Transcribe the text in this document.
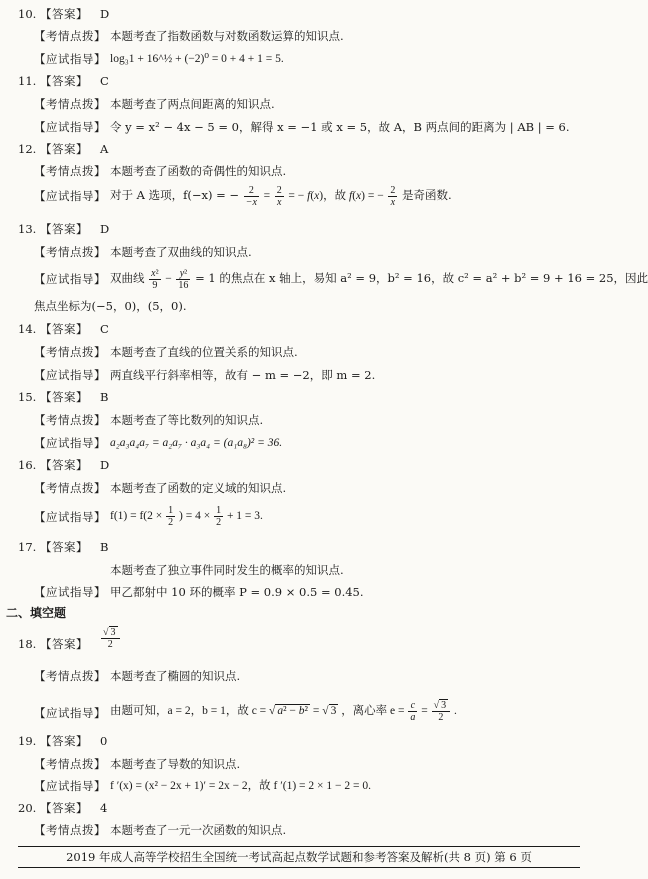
10. 【答案】 D
【考情点拨】 本题考查了指数函数与对数函数运算的知识点.
【应试指导】 log₃1 + 16^½ + (−2)⁰ = 0 + 4 + 1 = 5.
11. 【答案】 C
【考情点拨】 本题考查了两点间距离的知识点.
【应试指导】 令 y = x² − 4x − 5 = 0，解得 x = −1 或 x = 5，故 A，B 两点间的距离为 | AB | = 6.
12. 【答案】 A
【考情点拨】 本题考查了函数的奇偶性的知识点.
【应试指导】 对于 A 选项，f(−x) = − $\frac{2}{-x} = \frac{2}{x}$ = − f(x)，故 f(x) = − $\frac{2}{x}$ 是奇函数.
13. 【答案】 D
【考情点拨】 本题考查了双曲线的知识点.
【应试指导】 双曲线 $\frac{\text{x²}}{9} - \frac{\text{y²}}{16} = 1$ 的焦点在 x 轴上，易知 a² = 9，b² = 16，故 c² = a² + b² = 9 + 16 = 25，因此
焦点坐标为(−5，0)，(5，0).
14. 【答案】 C
【考情点拨】 本题考查了直线的位置关系的知识点.
【应试指导】 两直线平行斜率相等，故有 − m = −2，即 m = 2.
15. 【答案】 B
【考情点拨】 本题考查了等比数列的知识点.
【应试指导】 a₂a₃a₄a₇ = a₂a₇ · a₃a₄ = (a₁a₈)² = 36.
16. 【答案】 D
【考情点拨】 本题考查了函数的定义域的知识点.
【应试指导】 $f(1) = f(2 \times \frac{1}{2}$ ) = $4 \times \frac{1}{2} + 1 = 3$.
17. 【答案】 B
本题考查了独立事件同时发生的概率的知识点.
【应试指导】 甲乙都射中 10 环的概率 P = 0.9 × 0.5 = 0.45.
二、填空题
18. 【答案】 $\frac{√ 3}{2}$
【考情点拨】 本题考查了椭圆的知识点.
【应试指导】 由题可知，a = 2，b = 1，故 c = √ a² − b² = √ 3 ，离心率 $e = \frac{c}{a} = \frac{√ 3}{2}$ .
19. 【答案】 0
【考情点拨】 本题考查了导数的知识点.
【应试指导】 f ′(x) = (x² − 2x + 1)′ = 2x − 2，故 f ′(1) = 2 × 1 − 2 = 0.
20. 【答案】 4
【考情点拨】 本题考查了一元一次函数的知识点.
2019 年成人高等学校招生全国统一考试高起点数学试题和参考答案及解析(共 8 页) 第 6 页
